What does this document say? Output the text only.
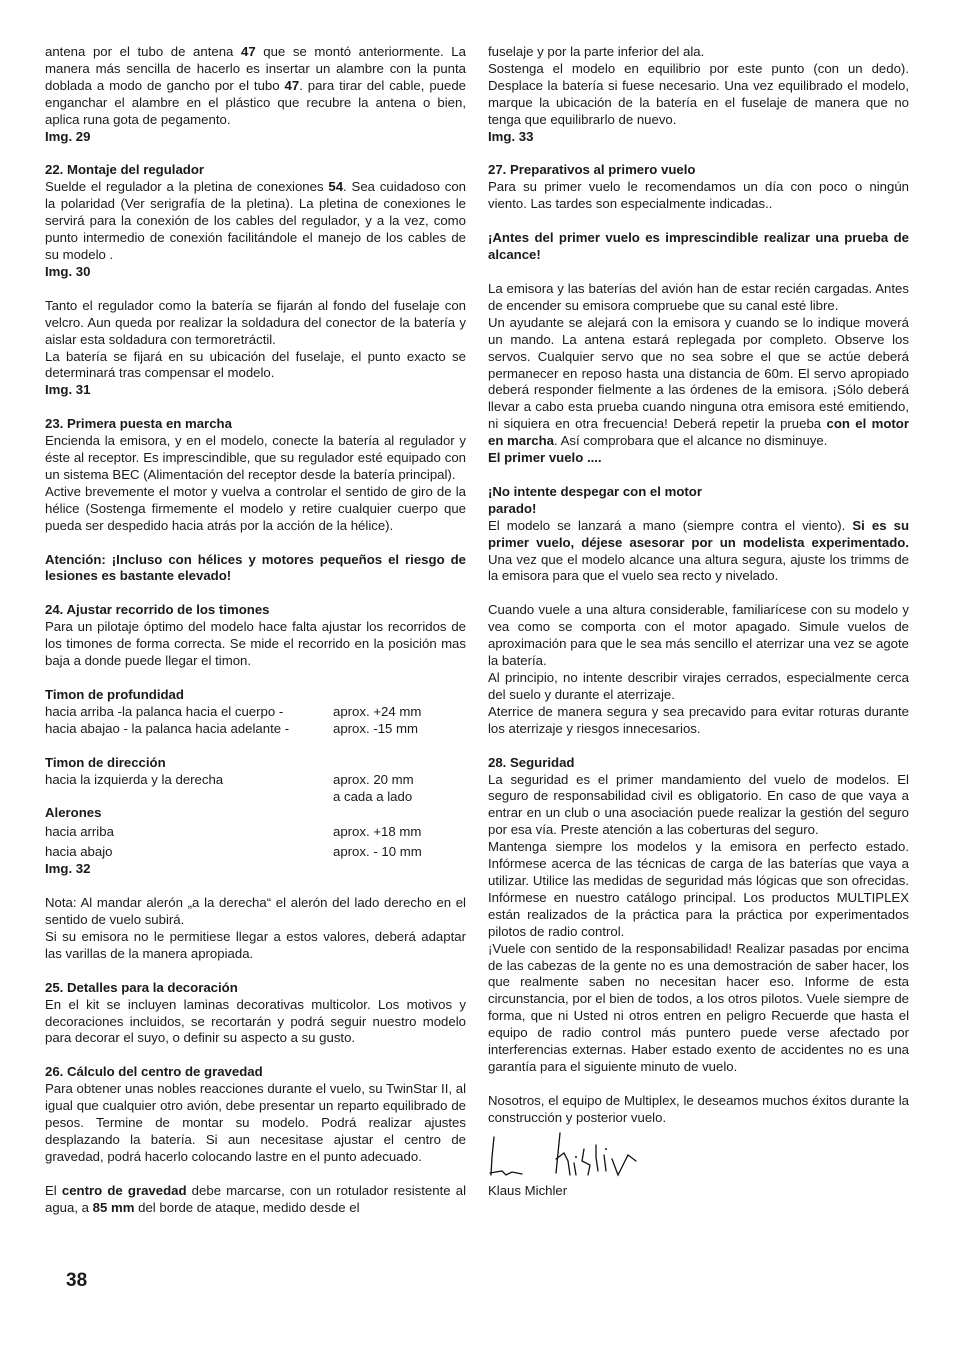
antena por el tubo de antena 47 que se montó anteriormente. La manera más sencilla de hacerlo es insertar un alambre con la punta doblada a modo de gancho por el tubo 47. para tirar del cable, puede enganchar el alambre en el plástico que recubre la antena o bien, aplica runa gota de pegamento.

Img. 29

22. Montaje del regulador

Suelde el regulador a la pletina de conexiones 54. Sea cuidadoso con la polaridad (Ver serigrafía de la pletina). La pletina de conexiones le servirá para la conexión de los cables del regulador, y a la vez, como punto intermedio de conexión facilitándole el manejo de los cables de su modelo .

Img. 30

Tanto el regulador como la batería se fijarán al fondo del fuselaje con velcro. Aun queda por realizar la soldadura del conector de la batería y aislar esta soldadura con termoretráctil.

La batería se fijará en su ubicación del fuselaje, el punto exacto se determinará tras compensar el modelo.

Img. 31

23. Primera puesta en marcha

Encienda la emisora, y en el modelo, conecte la batería al regulador y éste al receptor. Es imprescindible, que su regulador esté equipado con un sistema BEC (Alimentación del receptor desde la batería principal).

Active brevemente el motor y vuelva a controlar el sentido de giro de la hélice (Sostenga firmemente el modelo y retire cualquier cuerpo que pueda ser despedido hacia atrás por la acción de la hélice).

Atención: ¡Incluso con hélices y motores pequeños el riesgo de lesiones es bastante elevado!

24. Ajustar recorrido de los timones

Para un pilotaje óptimo del modelo hace falta ajustar los recorridos de los timones de forma correcta. Se mide el recorrido en la posición mas baja a donde puede llegar el timon.

Timon de profundidad

hacia arriba -la palanca hacia el cuerpo -	aprox. +24 mm
hacia abajao - la palanca hacia adelante -	aprox. -15 mm

Timon de dirección

hacia la izquierda y la derecha	aprox. 20 mm
a cada a lado

Alerones

hacia arriba	aprox. +18 mm
hacia abajo	aprox. - 10 mm

Img. 32

Nota: Al mandar alerón „a la derecha“ el alerón del lado derecho en el sentido de vuelo subirá.

Si su emisora no le permitiese llegar a estos valores, deberá adaptar las varillas de la manera apropiada.

25. Detalles para la decoración

En el kit se incluyen laminas decorativas multicolor. Los motivos y decoraciones incluidos, se recortarán y podrá seguir nuestro modelo para decorar el suyo, o definir su aspecto a su gusto.

26. Cálculo del centro de gravedad

Para obtener unas nobles reacciones durante el vuelo, su TwinStar II, al igual que cualquier otro avión, debe presentar un reparto equilibrado de pesos. Termine de montar su modelo. Podrá realizar ajustes desplazando la batería. Si aun necesitase ajustar el centro de gravedad, podrá hacerlo colocando lastre en el punto adecuado.

El centro de gravedad debe marcarse, con un rotulador resistente al agua, a 85 mm del borde de ataque, medido desde el

fuselaje y por la parte inferior del ala.

Sostenga el modelo en equilibrio por este punto (con un dedo). Desplace la batería si fuese necesario. Una vez equilibrado el modelo, marque la ubicación de la batería en el fuselaje de manera que no tenga que equilibrarlo de nuevo.

Img. 33

27. Preparativos al primero vuelo

Para su primer vuelo le recomendamos un día con poco o ningún viento. Las tardes son especialmente indicadas..

¡Antes del primer vuelo es imprescindible realizar una prueba de alcance!

La emisora y las baterías del avión han de estar recién cargadas. Antes de encender su emisora compruebe que su canal esté libre.

Un ayudante se alejará con la emisora y cuando se lo indique moverá un mando. La antena estará replegada por completo. Observe los servos. Cualquier servo que no sea sobre el que se actúe deberá permanecer en reposo hasta una distancia de 60m. El servo apropiado deberá responder fielmente a las órdenes de la emisora. ¡Sólo deberá llevar a cabo esta prueba cuando ninguna otra emisora esté emitiendo, ni siquiera en otra frecuencia! Deberá repetir la prueba con el motor en marcha. Así comprobara que el alcance no disminuye.

El primer vuelo ....

¡No intente despegar con el motor parado!

El modelo se lanzará a mano (siempre contra el viento). Si es su primer vuelo, déjese asesorar por un modelista experimentado. Una vez que el modelo alcance una altura segura, ajuste los trimms de la emisora para que el vuelo sea recto y nivelado.

Cuando vuele a una altura considerable, familiarícese con su modelo y vea como se comporta con el motor apagado. Simule vuelos de aproximación para que le sea más sencillo el aterrizar una vez se agote la batería.

Al principio, no intente describir virajes cerrados, especialmente cerca del suelo y durante el aterrizaje.

Aterrice de manera segura y sea precavido para evitar roturas durante los aterrizaje y riesgos innecesarios.

28. Seguridad

La seguridad es el primer mandamiento del vuelo de modelos. El seguro de responsabilidad civil es obligatorio. En caso de que vaya a entrar en un club o una asociación puede realizar la gestión del seguro por esa vía. Preste atención a las coberturas del seguro.

Mantenga siempre los modelos y la emisora en perfecto estado. Infórmese acerca de las técnicas de carga de las baterías que vaya a utilizar. Utilice las medidas de seguridad más lógicas que son ofrecidas. Infórmese en nuestro catálogo principal. Los productos MULTIPLEX están realizados de la práctica para la práctica por experimentados pilotos de radio control.

¡Vuele con sentido de la responsabilidad! Realizar pasadas por encima de las cabezas de la gente no es una demostración de saber hacer, los que realmente saben no necesitan hacer eso. Informe de esta circunstancia, por el bien de todos, a los otros pilotos. Vuele siempre de forma, que ni Usted ni otros entren en peligro Recuerde que hasta el equipo de radio control más puntero puede verse afectado por interferencias externas. Haber estado exento de accidentes no es una garantía para el siguiente minuto de vuelo.

Nosotros, el equipo de Multiplex, le deseamos muchos éxitos durante la construcción y posterior vuelo.

Klaus Michler

38
